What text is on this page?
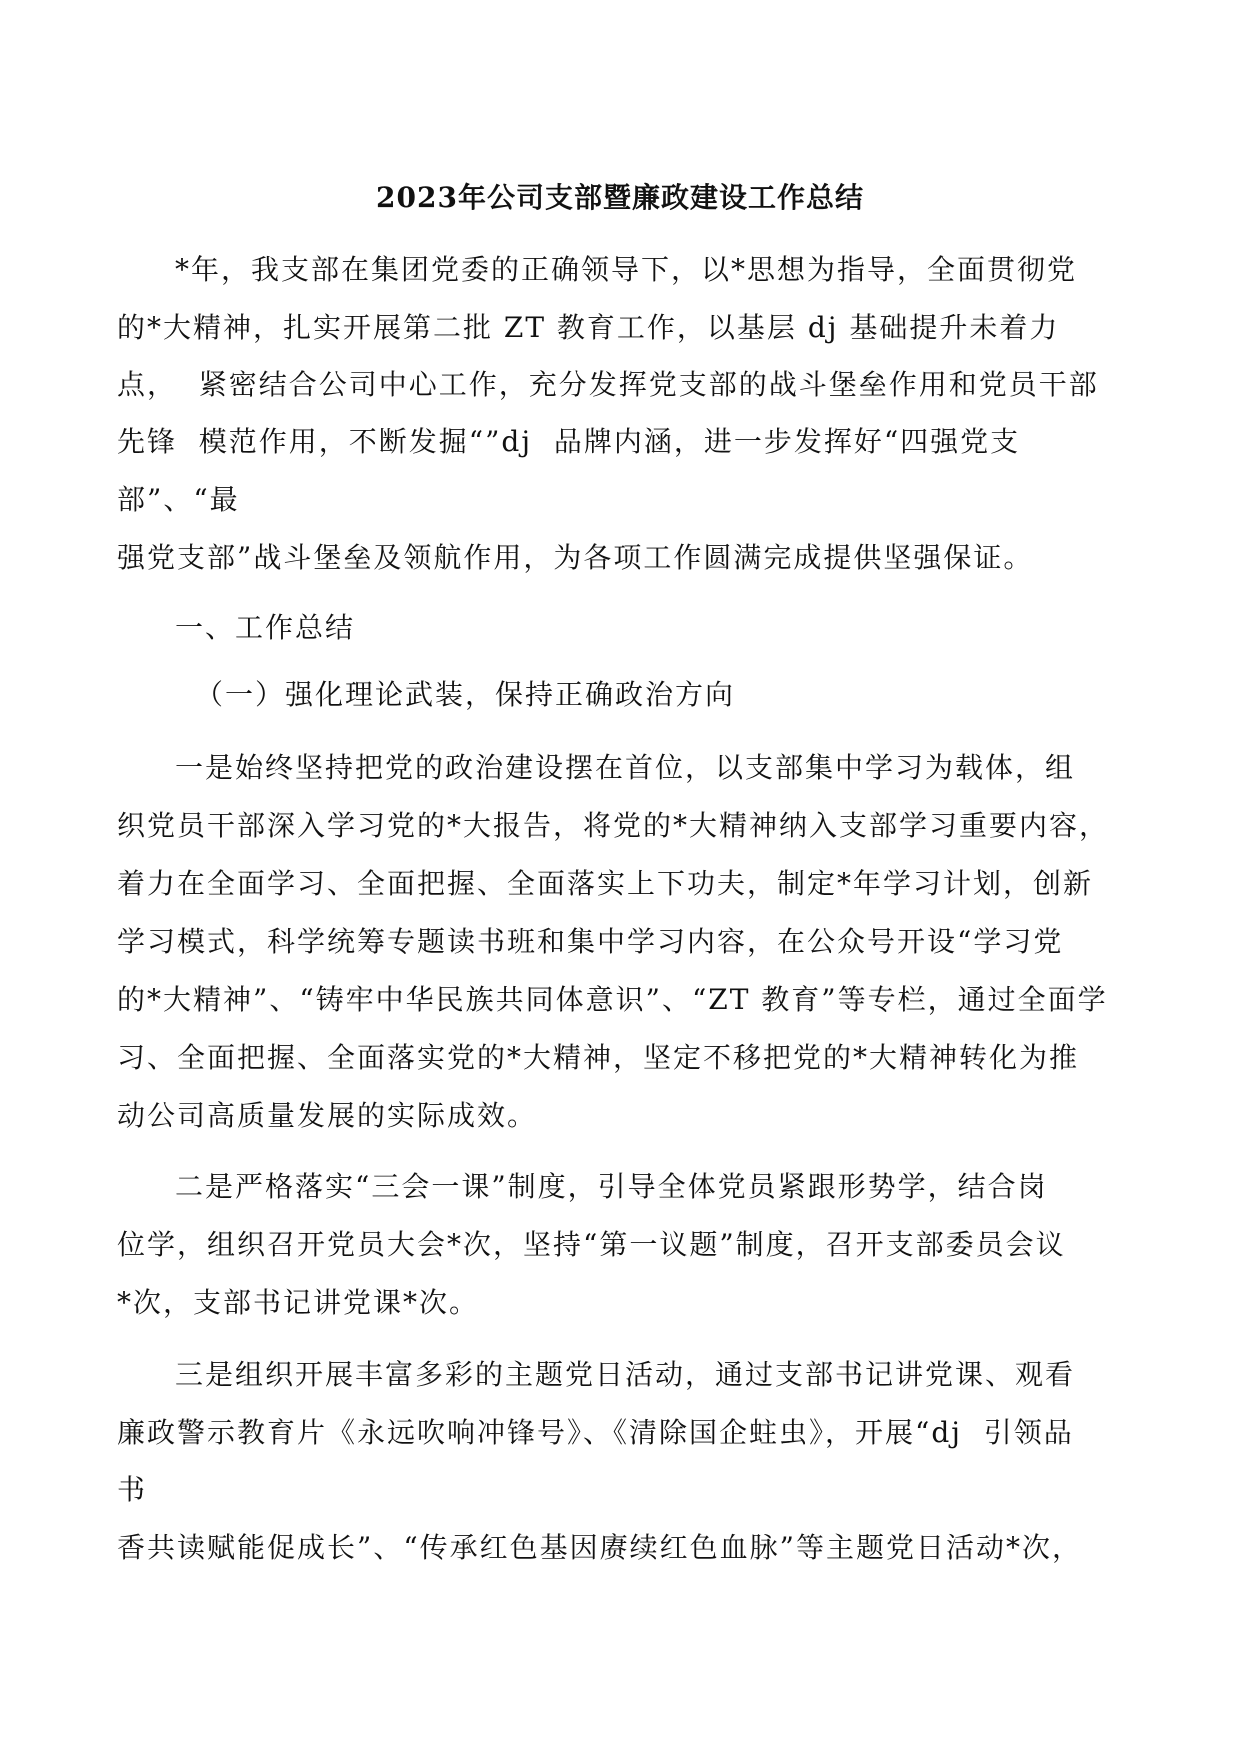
2023年公司支部暨廉政建设工作总结
*年，我支部在集团党委的正确领导下，以*思想为指导，全面贯彻党
的*大精神，扎实开展第二批 ZT 教育工作，以基层 dj 基础提升未着力
点，  紧密结合公司中心工作，充分发挥党支部的战斗堡垒作用和党员干部
先锋  模范作用，不断发掘“”dj  品牌内涵，进一步发挥好“四强党支
部”、“最
强党支部”战斗堡垒及领航作用，为各项工作圆满完成提供坚强保证。
一、工作总结
（一）强化理论武装，保持正确政治方向
一是始终坚持把党的政治建设摆在首位，以支部集中学习为载体，组
织党员干部深入学习党的*大报告，将党的*大精神纳入支部学习重要内容，
着力在全面学习、全面把握、全面落实上下功夫，制定*年学习计划，创新
学习模式，科学统筹专题读书班和集中学习内容，在公众号开设“学习党
的*大精神”、“铸牢中华民族共同体意识”、“ZT 教育”等专栏，通过全面学
习、全面把握、全面落实党的*大精神，坚定不移把党的*大精神转化为推
动公司高质量发展的实际成效。
二是严格落实“三会一课”制度，引导全体党员紧跟形势学，结合岗
位学，组织召开党员大会*次，坚持“第一议题”制度，召开支部委员会议
*次，支部书记讲党课*次。
三是组织开展丰富多彩的主题党日活动，通过支部书记讲党课、观看
廉政警示教育片《永远吹响冲锋号》、《清除国企蛀虫》，开展“dj  引领品
书
香共读赋能促成长”、“传承红色基因赓续红色血脉”等主题党日活动*次，
